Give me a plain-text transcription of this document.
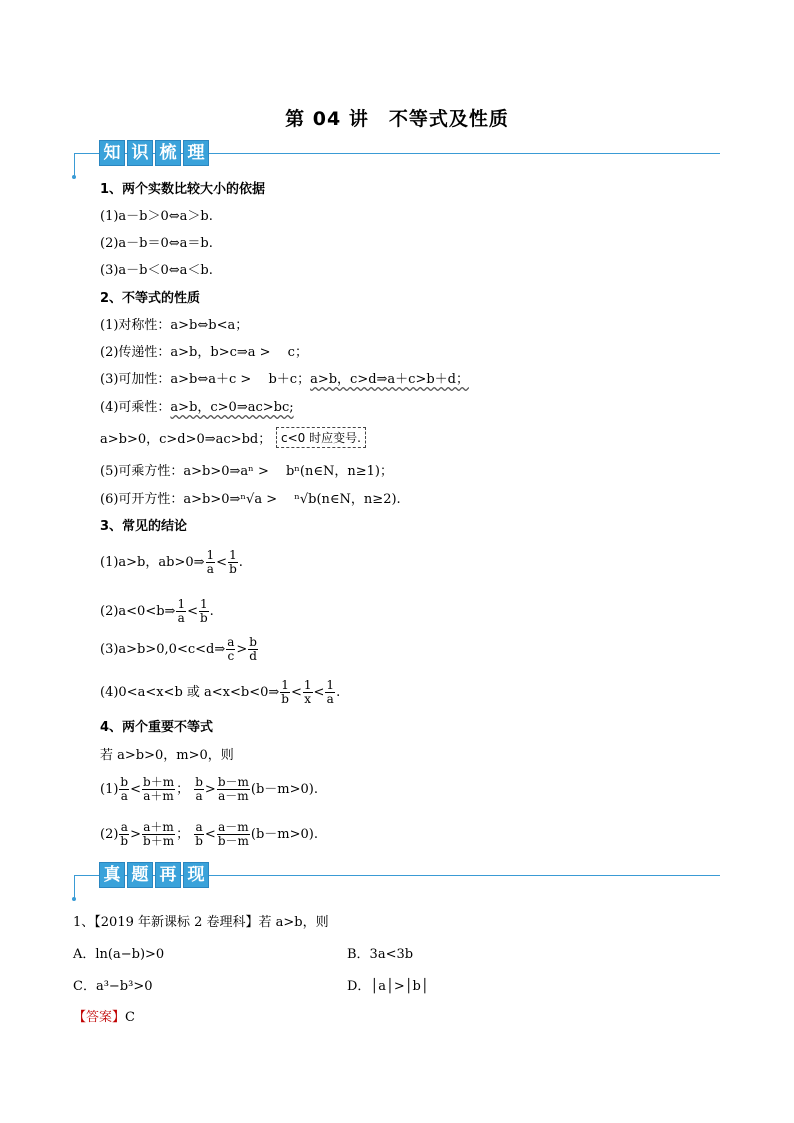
第 04 讲　不等式及性质
知 识 梳 理
1、两个实数比较大小的依据
(1)a－b＞0⇔a＞b.
(2)a－b＝0⇔a＝b.
(3)a－b＜0⇔a＜b.
2、不等式的性质
(1)对称性：a>b⇔b<a；
(2)传递性：a>b，b>c⇒a >　 c；
(3)可加性：a>b⇔a＋c >　 b＋c；a>b，c>d⇒a＋c>b＋d；
(4)可乘性：a>b，c>0⇒ac>bc;
a>b>0，c>d>0⇒ac>bd； c<0 时应变号.
(5)可乘方性：a>b>0⇒aⁿ >　 bⁿ(n∈N，n≥1)；
(6)可开方性：a>b>0⇒ⁿ√a >　 ⁿ√b(n∈N，n≥2).
3、常见的结论
(1)a>b，ab>0⇒ $\frac{1}{a} < \frac{1}{b}$ .
(2)a<0<b⇒ $\frac{1}{a} < \frac{1}{b}$ .
(3)a>b>0,0<c<d⇒ $\frac{a}{c} > \frac{b}{d}$
(4)0<a<x<b 或 a<x<b<0⇒ $\frac{1}{b} < \frac{1}{x} < \frac{1}{a}$ .
4、两个重要不等式
若 a>b>0，m>0，则
$(1) \frac{b}{a} < \frac{b+m}{a+m}$ ； $\frac{b}{a} > \frac{b-m}{a-m} (b-m>0)$.
$(2) \frac{a}{b} > \frac{a+m}{b+m}$ ； $\frac{a}{b} < \frac{a-m}{b-m} (b-m>0)$.
真 题 再 现
1、【2019 年新课标 2 卷理科】若 a>b，则
A．ln(a−b)>0	B．3a<3b
C．a³−b³>0	D．│a│>│b│
【答案】C
